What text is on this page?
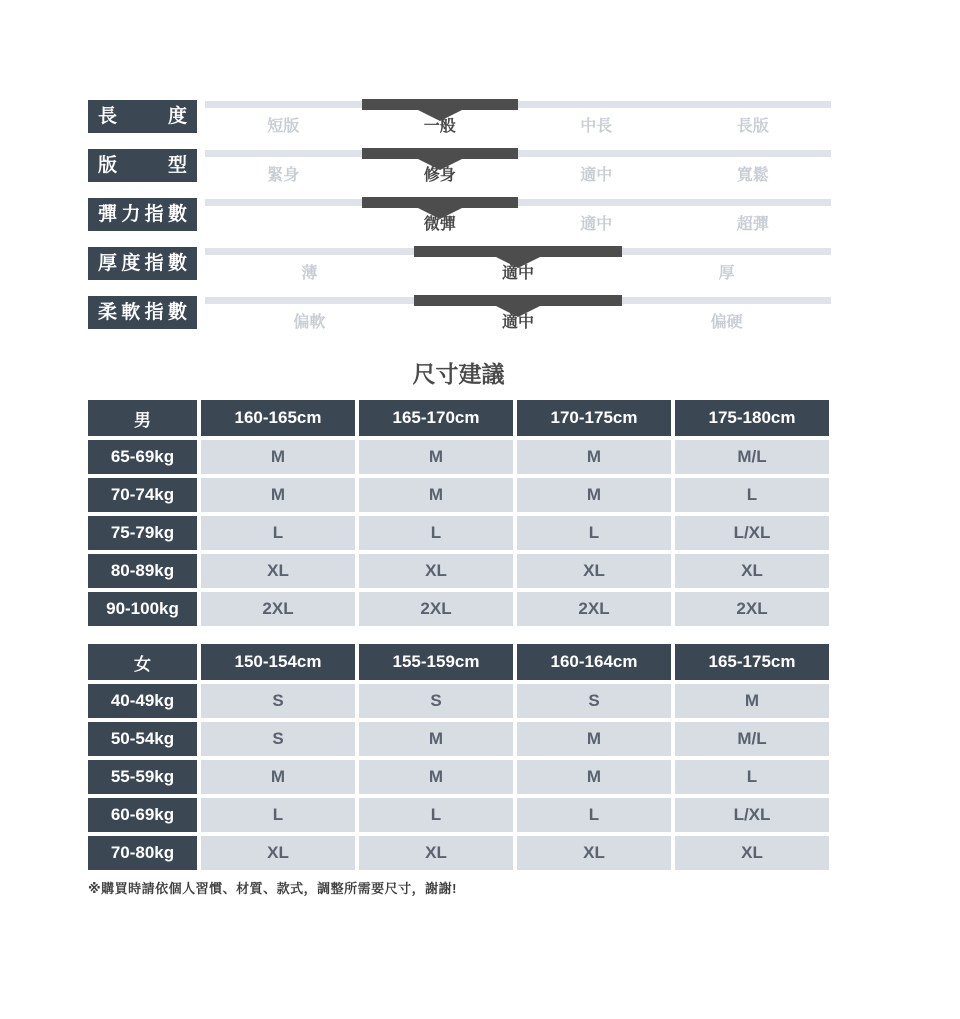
長度	短版	一般	中長	長版
版型	緊身	修身	適中	寬鬆
彈力指數	微彈	適中	超彈
厚度指數	薄	適中	厚
柔軟指數	偏軟	適中	偏硬
尺寸建議
男	160-165cm	165-170cm	170-175cm	175-180cm
65-69kg	M	M	M	M/L
70-74kg	M	M	M	L
75-79kg	L	L	L	L/XL
80-89kg	XL	XL	XL	XL
90-100kg	2XL	2XL	2XL	2XL
女	150-154cm	155-159cm	160-164cm	165-175cm
40-49kg	S	S	S	M
50-54kg	S	M	M	M/L
55-59kg	M	M	M	L
60-69kg	L	L	L	L/XL
70-80kg	XL	XL	XL	XL

※購買時請依個人習慣、材質、款式，調整所需要尺寸，謝謝!
